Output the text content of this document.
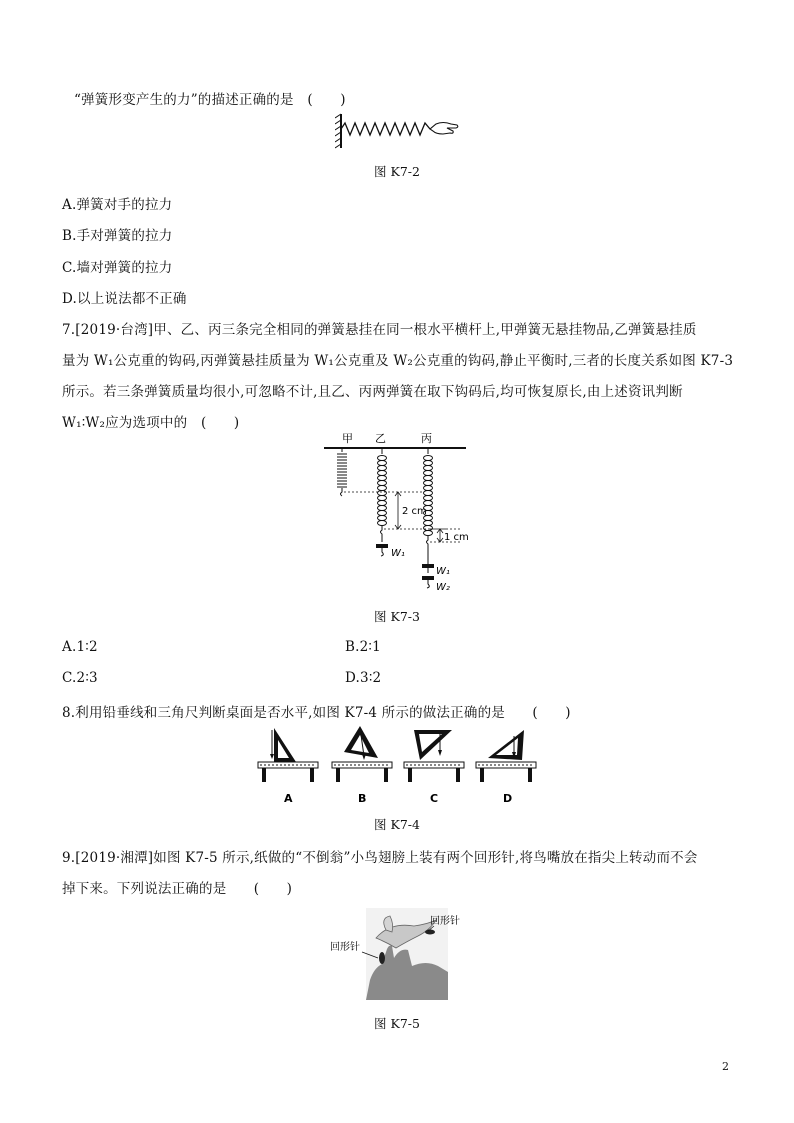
“弹簧形变产生的力”的描述正确的是　(　　)
图 K7-2
A.弹簧对手的拉力
B.手对弹簧的拉力
C.墙对弹簧的拉力
D.以上说法都不正确
7.[2019·台湾]甲、乙、丙三条完全相同的弹簧悬挂在同一根水平横杆上,甲弹簧无悬挂物品,乙弹簧悬挂质
量为 W₁公克重的钩码,丙弹簧悬挂质量为 W₁公克重及 W₂公克重的钩码,静止平衡时,三者的长度关系如图 K7-3
所示。若三条弹簧质量均很小,可忽略不计,且乙、丙两弹簧在取下钩码后,均可恢复原长,由上述资讯判断
W₁∶W₂应为选项中的　(　　)
甲 乙	丙
W₁
2 cm
1 cm
W₁
W₂
图 K7-3
A.1∶2	B.2∶1
C.2∶3	D.3∶2
8.利用铅垂线和三角尺判断桌面是否水平,如图 K7-4 所示的做法正确的是　　(　　)
A	B	C	D
图 K7-4
9.[2019·湘潭]如图 K7-5 所示,纸做的“不倒翁”小鸟翅膀上装有两个回形针,将鸟嘴放在指尖上转动而不会
掉下来。下列说法正确的是　　(　　)
回形针
回形针
图 K7-5
2
